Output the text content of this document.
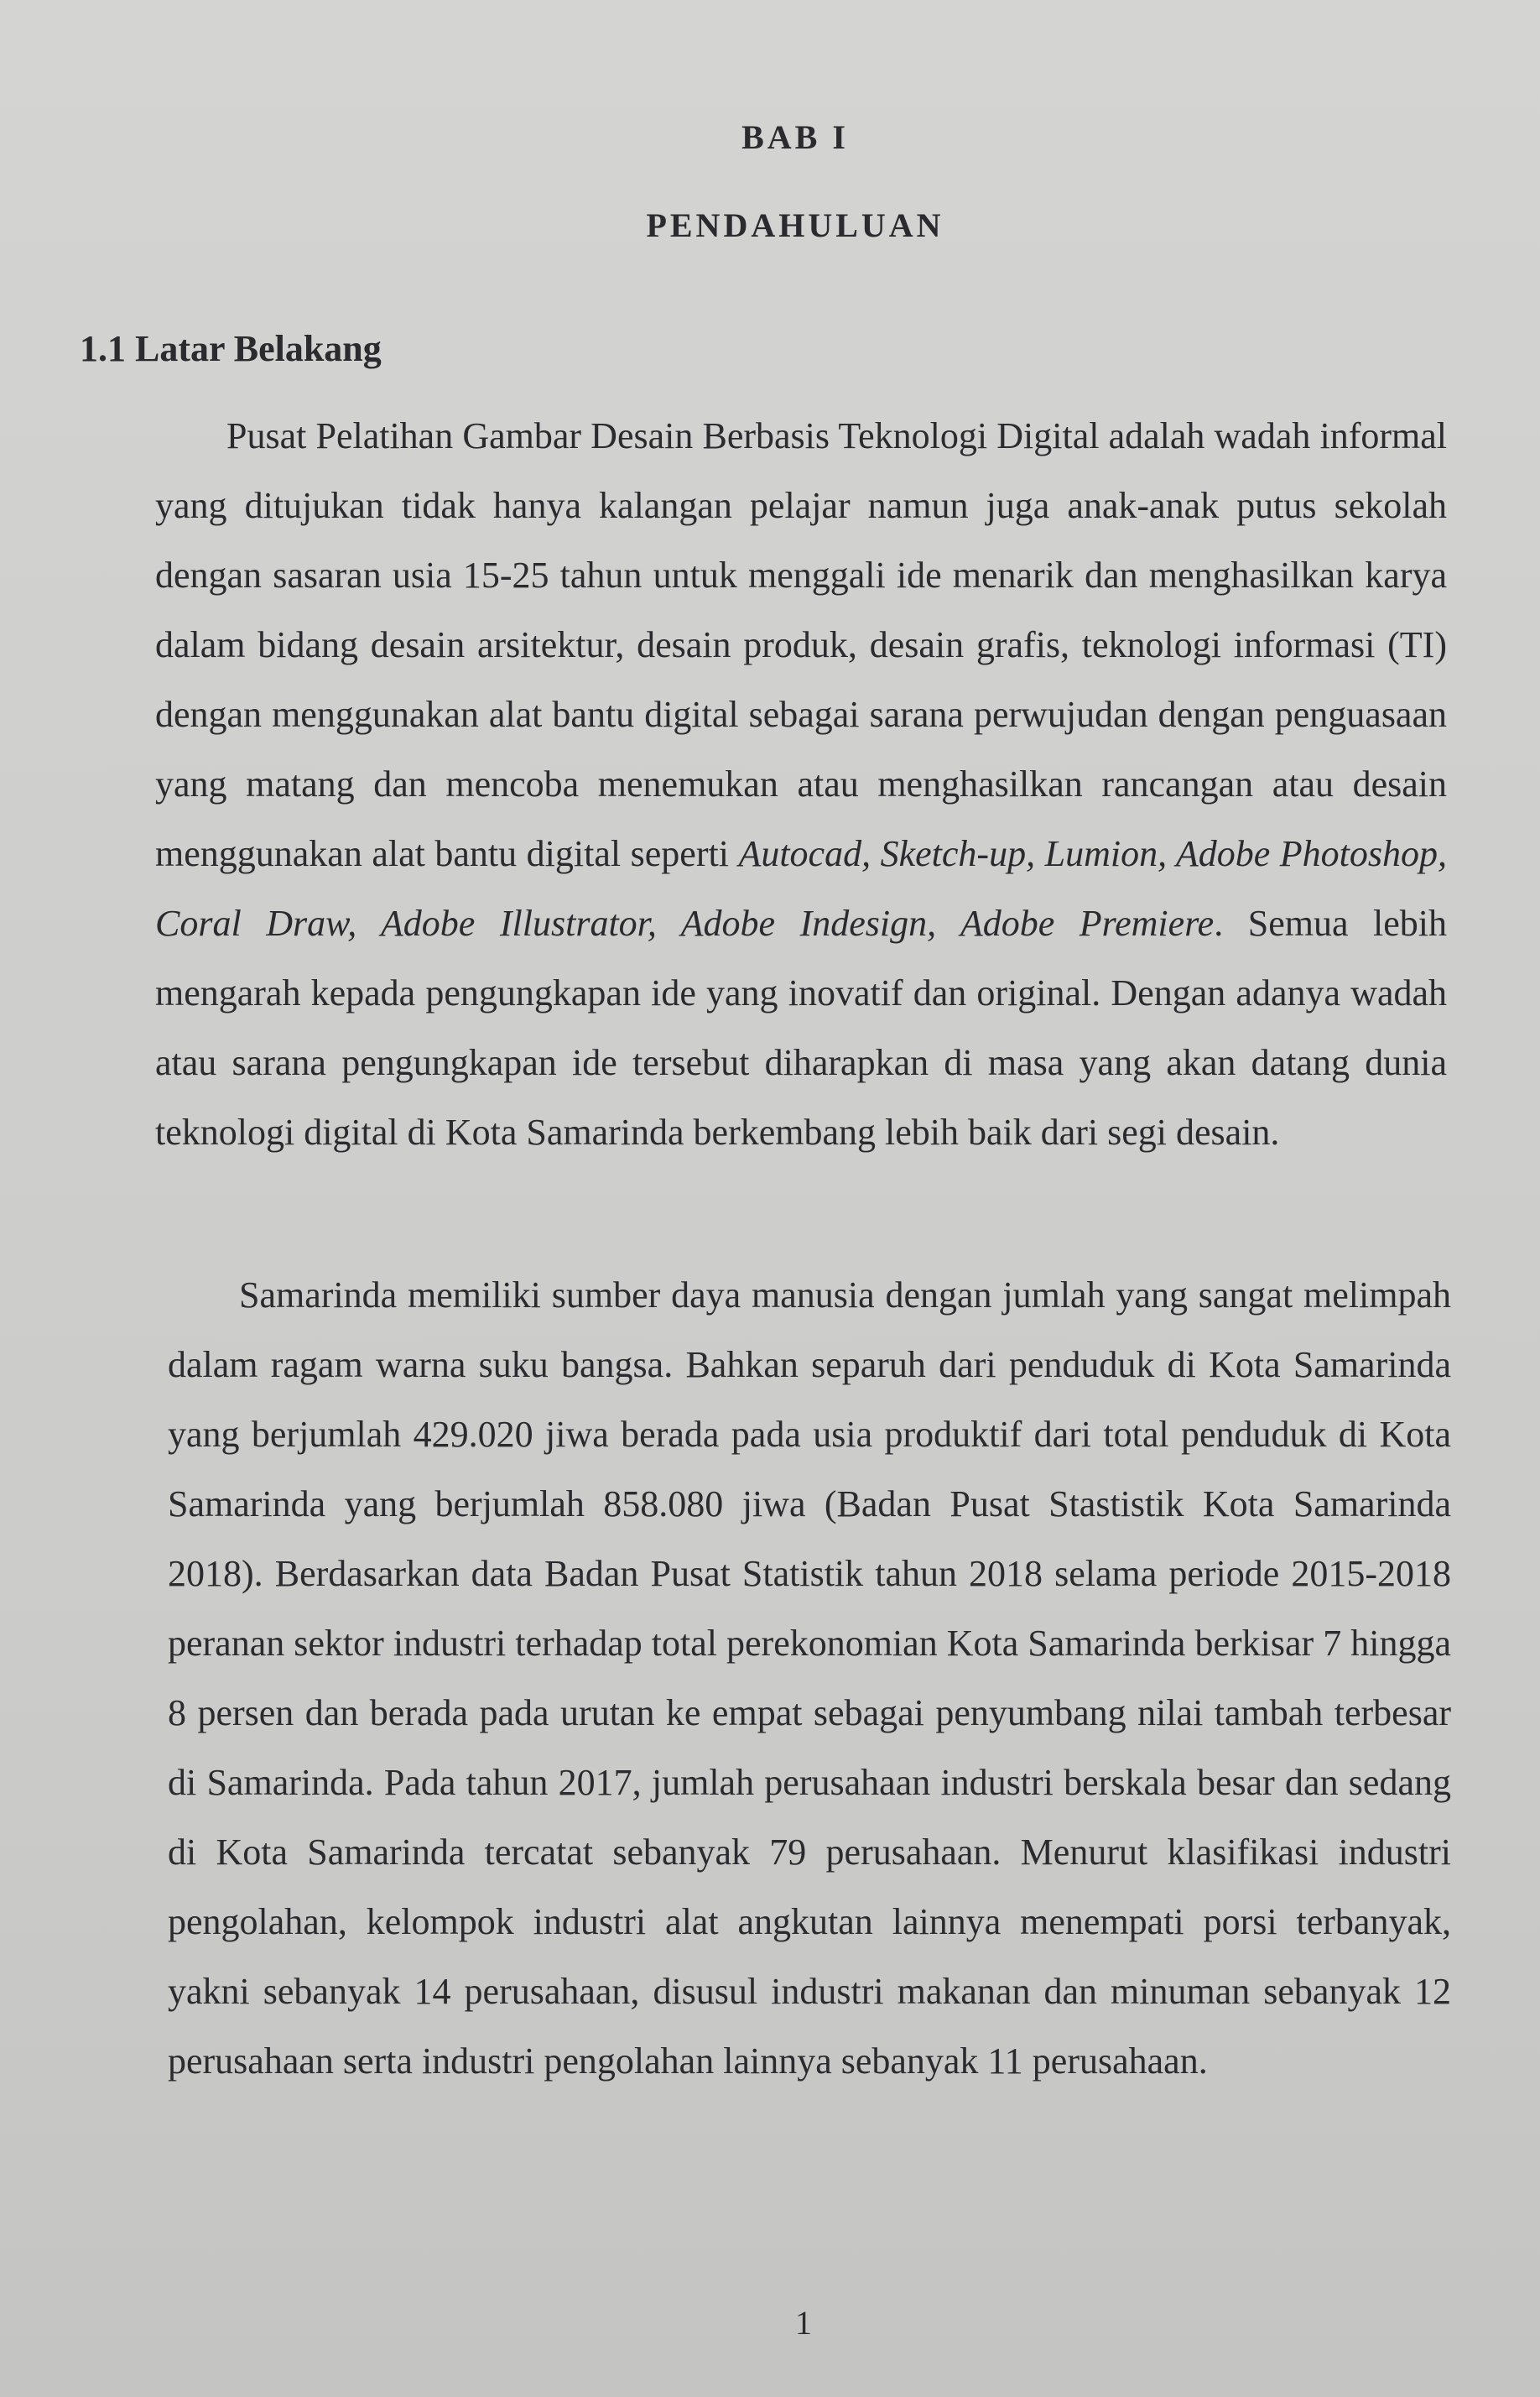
BAB I
PENDAHULUAN
1.1 Latar Belakang

Pusat Pelatihan Gambar Desain Berbasis Teknologi Digital adalah wadah informal yang ditujukan tidak hanya kalangan pelajar namun juga anak-anak putus sekolah dengan sasaran usia 15-25 tahun untuk menggali ide menarik dan menghasilkan karya dalam bidang desain arsitektur, desain produk, desain grafis, teknologi informasi (TI) dengan menggunakan alat bantu digital sebagai sarana perwujudan dengan penguasaan yang matang dan mencoba menemukan atau menghasilkan rancangan atau desain menggunakan alat bantu digital seperti Autocad, Sketch-up, Lumion, Adobe Photoshop, Coral Draw, Adobe Illustrator, Adobe Indesign, Adobe Premiere. Semua lebih mengarah kepada pengungkapan ide yang inovatif dan original. Dengan adanya wadah atau sarana pengungkapan ide tersebut diharapkan di masa yang akan datang dunia teknologi digital di Kota Samarinda berkembang lebih baik dari segi desain.

Samarinda memiliki sumber daya manusia dengan jumlah yang sangat melimpah dalam ragam warna suku bangsa. Bahkan separuh dari penduduk di Kota Samarinda yang berjumlah 429.020 jiwa berada pada usia produktif dari total penduduk di Kota Samarinda yang berjumlah 858.080 jiwa (Badan Pusat Stastistik Kota Samarinda 2018). Berdasarkan data Badan Pusat Statistik tahun 2018 selama periode 2015-2018 peranan sektor industri terhadap total perekonomian Kota Samarinda berkisar 7 hingga 8 persen dan berada pada urutan ke empat sebagai penyumbang nilai tambah terbesar di Samarinda. Pada tahun 2017, jumlah perusahaan industri berskala besar dan sedang di Kota Samarinda tercatat sebanyak 79 perusahaan. Menurut klasifikasi industri pengolahan, kelompok industri alat angkutan lainnya menempati porsi terbanyak, yakni sebanyak 14 perusahaan, disusul industri makanan dan minuman sebanyak 12 perusahaan serta industri pengolahan lainnya sebanyak 11 perusahaan.

1
